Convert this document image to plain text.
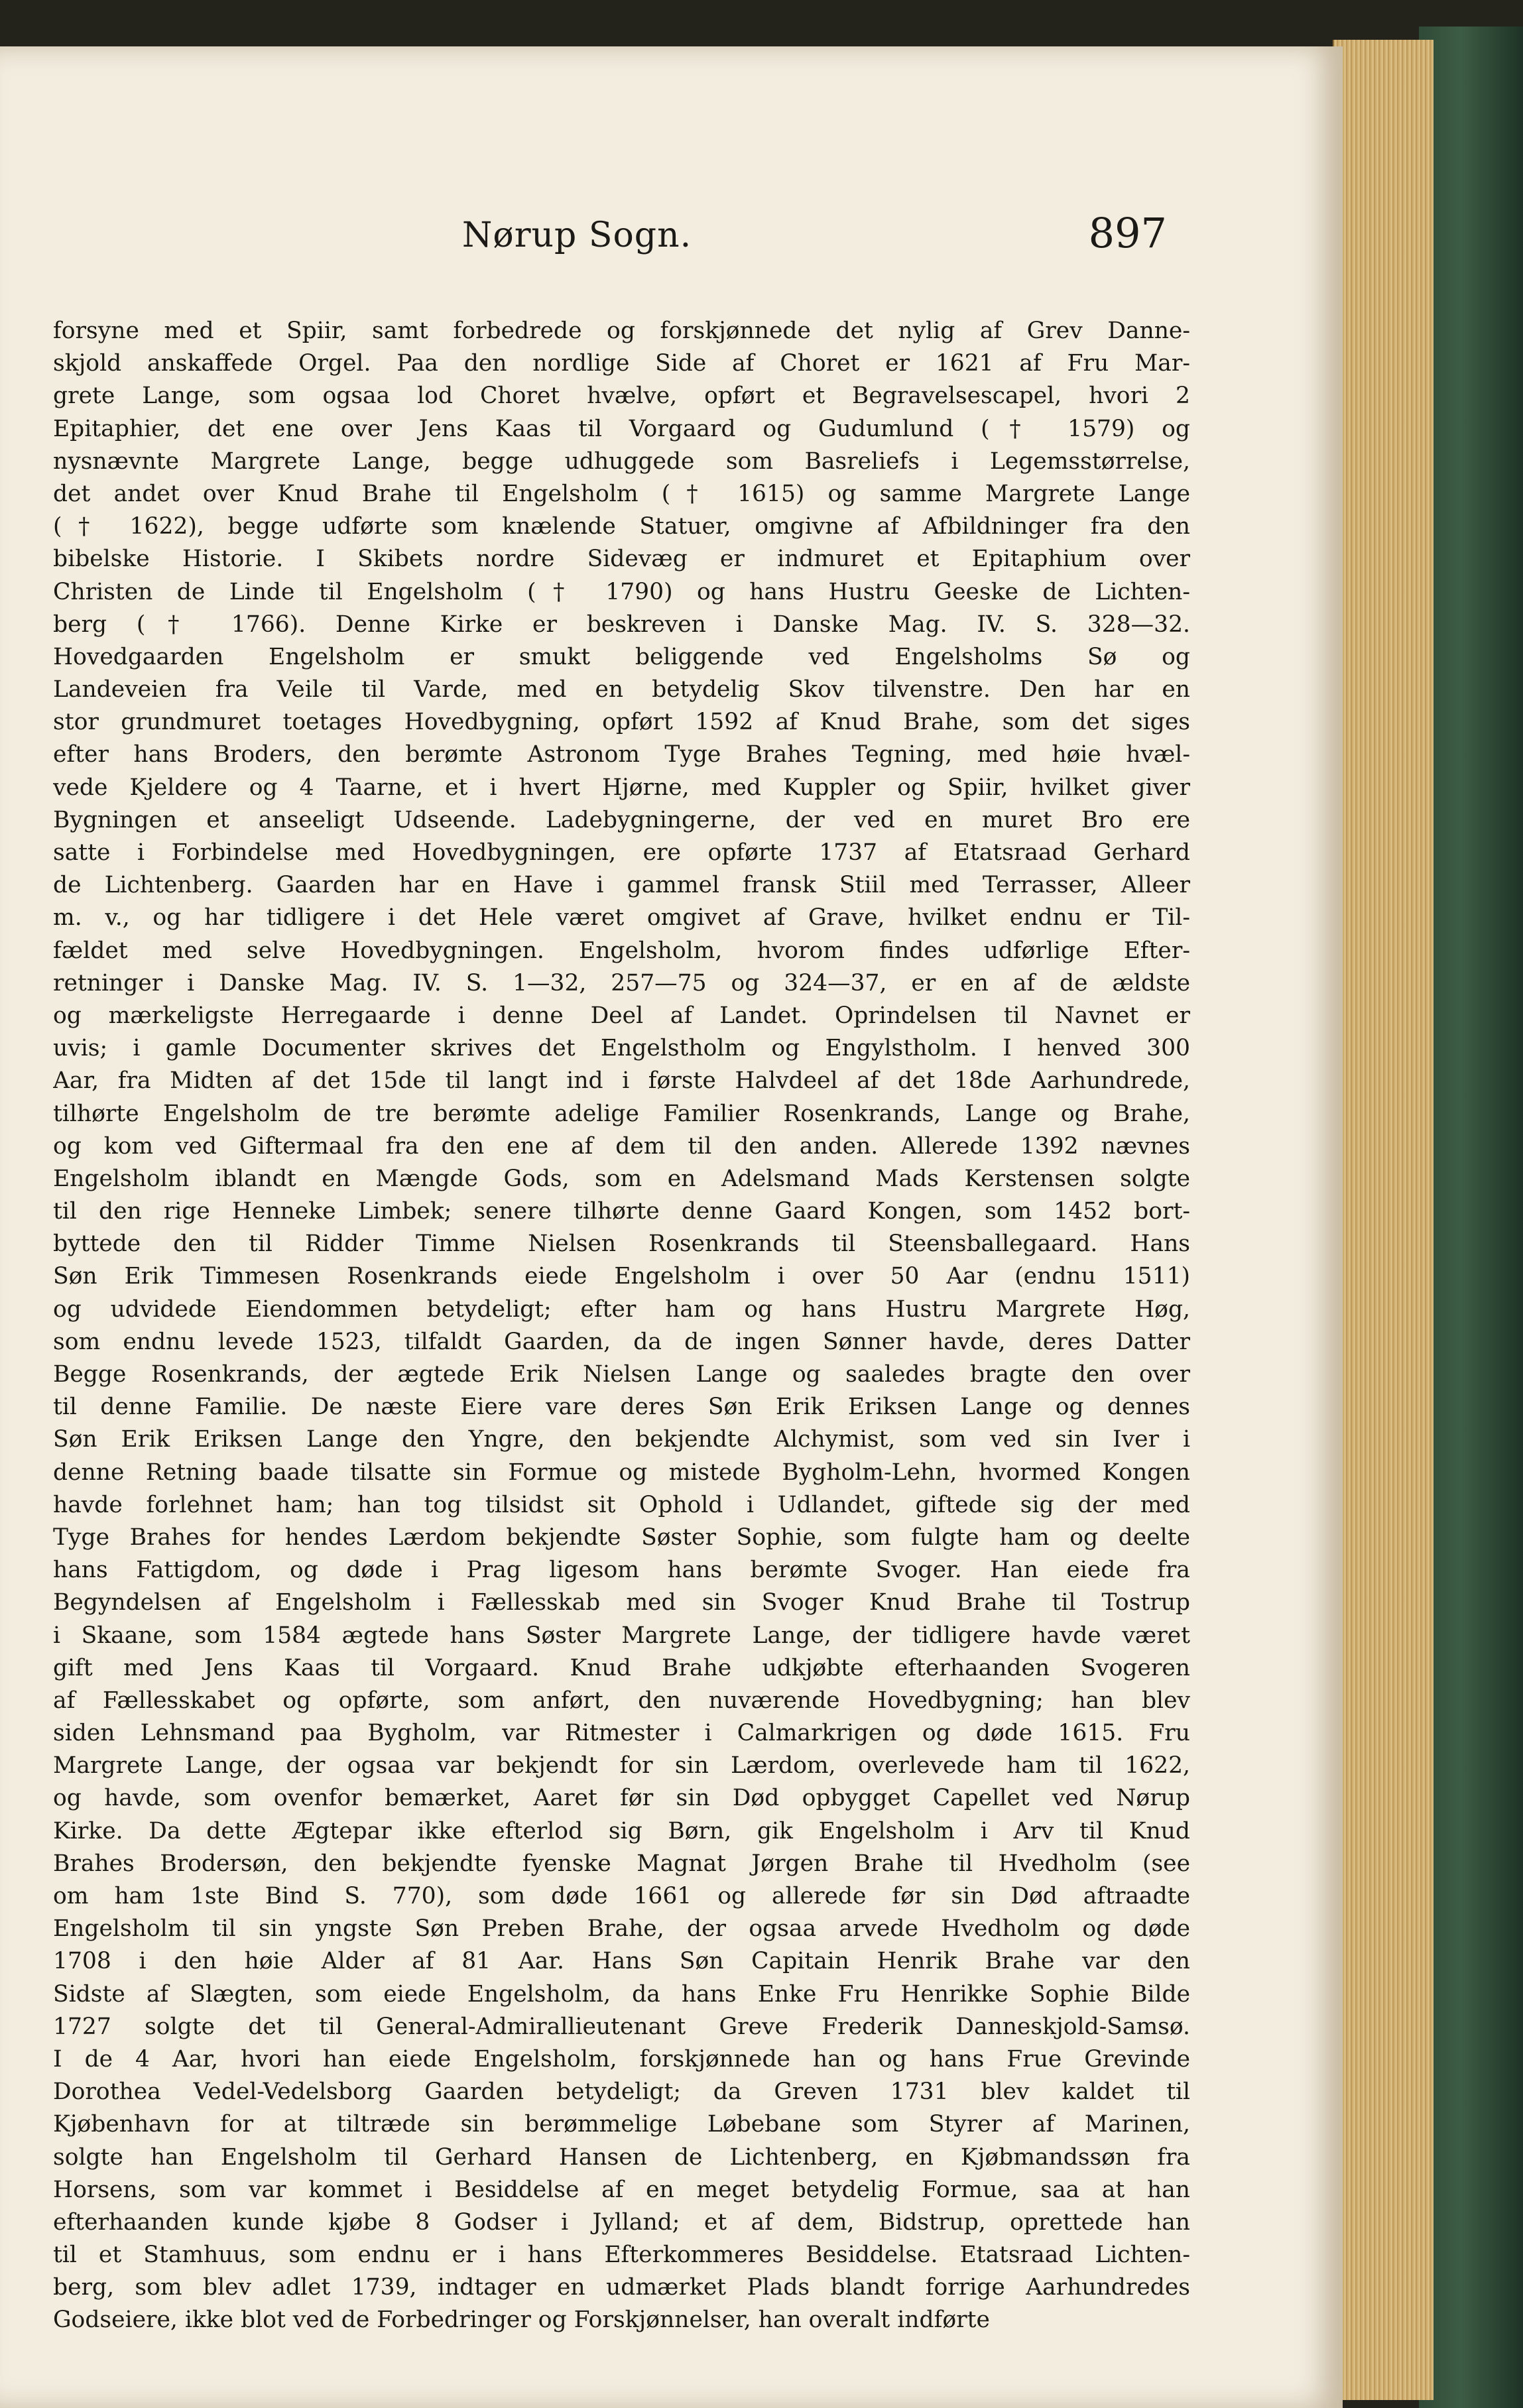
Nørup Sogn.	897
forsyne med et Spiir, samt forbedrede og forskjønnede det nylig af Grev Danne-
skjold anskaffede Orgel. Paa den nordlige Side af Choret er 1621 af Fru Mar-
grete Lange, som ogsaa lod Choret hvælve, opført et Begravelsescapel, hvori 2
Epitaphier, det ene over Jens Kaas til Vorgaard og Gudumlund († 1579) og
nysnævnte Margrete Lange, begge udhuggede som Basreliefs i Legemsstørrelse,
det andet over Knud Brahe til Engelsholm († 1615) og samme Margrete Lange
(† 1622), begge udførte som knælende Statuer, omgivne af Afbildninger fra den
bibelske Historie. I Skibets nordre Sidevæg er indmuret et Epitaphium over
Christen de Linde til Engelsholm († 1790) og hans Hustru Geeske de Lichten-
berg († 1766). Denne Kirke er beskreven i Danske Mag. IV. S. 328—32.
Hovedgaarden Engelsholm er smukt beliggende ved Engelsholms Sø og
Landeveien fra Veile til Varde, med en betydelig Skov tilvenstre. Den har en
stor grundmuret toetages Hovedbygning, opført 1592 af Knud Brahe, som det siges
efter hans Broders, den berømte Astronom Tyge Brahes Tegning, med høie hvæl-
vede Kjeldere og 4 Taarne, et i hvert Hjørne, med Kuppler og Spiir, hvilket giver
Bygningen et anseeligt Udseende. Ladebygningerne, der ved en muret Bro ere
satte i Forbindelse med Hovedbygningen, ere opførte 1737 af Etatsraad Gerhard
de Lichtenberg. Gaarden har en Have i gammel fransk Stiil med Terrasser, Alleer
m. v., og har tidligere i det Hele været omgivet af Grave, hvilket endnu er Til-
fældet med selve Hovedbygningen. Engelsholm, hvorom findes udførlige Efter-
retninger i Danske Mag. IV. S. 1—32, 257—75 og 324—37, er en af de ældste
og mærkeligste Herregaarde i denne Deel af Landet. Oprindelsen til Navnet er
uvis; i gamle Documenter skrives det Engelstholm og Engylstholm. I henved 300
Aar, fra Midten af det 15de til langt ind i første Halvdeel af det 18de Aarhundrede,
tilhørte Engelsholm de tre berømte adelige Familier Rosenkrands, Lange og Brahe,
og kom ved Giftermaal fra den ene af dem til den anden. Allerede 1392 nævnes
Engelsholm iblandt en Mængde Gods, som en Adelsmand Mads Kerstensen solgte
til den rige Henneke Limbek; senere tilhørte denne Gaard Kongen, som 1452 bort-
byttede den til Ridder Timme Nielsen Rosenkrands til Steensballegaard. Hans
Søn Erik Timmesen Rosenkrands eiede Engelsholm i over 50 Aar (endnu 1511)
og udvidede Eiendommen betydeligt; efter ham og hans Hustru Margrete Høg,
som endnu levede 1523, tilfaldt Gaarden, da de ingen Sønner havde, deres Datter
Begge Rosenkrands, der ægtede Erik Nielsen Lange og saaledes bragte den over
til denne Familie. De næste Eiere vare deres Søn Erik Eriksen Lange og dennes
Søn Erik Eriksen Lange den Yngre, den bekjendte Alchymist, som ved sin Iver i
denne Retning baade tilsatte sin Formue og mistede Bygholm-Lehn, hvormed Kongen
havde forlehnet ham; han tog tilsidst sit Ophold i Udlandet, giftede sig der med
Tyge Brahes for hendes Lærdom bekjendte Søster Sophie, som fulgte ham og deelte
hans Fattigdom, og døde i Prag ligesom hans berømte Svoger. Han eiede fra
Begyndelsen af Engelsholm i Fællesskab med sin Svoger Knud Brahe til Tostrup
i Skaane, som 1584 ægtede hans Søster Margrete Lange, der tidligere havde været
gift med Jens Kaas til Vorgaard. Knud Brahe udkjøbte efterhaanden Svogeren
af Fællesskabet og opførte, som anført, den nuværende Hovedbygning; han blev
siden Lehnsmand paa Bygholm, var Ritmester i Calmarkrigen og døde 1615. Fru
Margrete Lange, der ogsaa var bekjendt for sin Lærdom, overlevede ham til 1622,
og havde, som ovenfor bemærket, Aaret før sin Død opbygget Capellet ved Nørup
Kirke. Da dette Ægtepar ikke efterlod sig Børn, gik Engelsholm i Arv til Knud
Brahes Brodersøn, den bekjendte fyenske Magnat Jørgen Brahe til Hvedholm (see
om ham 1ste Bind S. 770), som døde 1661 og allerede før sin Død aftraadte
Engelsholm til sin yngste Søn Preben Brahe, der ogsaa arvede Hvedholm og døde
1708 i den høie Alder af 81 Aar. Hans Søn Capitain Henrik Brahe var den
Sidste af Slægten, som eiede Engelsholm, da hans Enke Fru Henrikke Sophie Bilde
1727 solgte det til General-Admirallieutenant Greve Frederik Danneskjold-Samsø.
I de 4 Aar, hvori han eiede Engelsholm, forskjønnede han og hans Frue Grevinde
Dorothea Vedel-Vedelsborg Gaarden betydeligt; da Greven 1731 blev kaldet til
Kjøbenhavn for at tiltræde sin berømmelige Løbebane som Styrer af Marinen,
solgte han Engelsholm til Gerhard Hansen de Lichtenberg, en Kjøbmandssøn fra
Horsens, som var kommet i Besiddelse af en meget betydelig Formue, saa at han
efterhaanden kunde kjøbe 8 Godser i Jylland; et af dem, Bidstrup, oprettede han
til et Stamhuus, som endnu er i hans Efterkommeres Besiddelse. Etatsraad Lichten-
berg, som blev adlet 1739, indtager en udmærket Plads blandt forrige Aarhundredes
Godseiere, ikke blot ved de Forbedringer og Forskjønnelser, han overalt indførte
